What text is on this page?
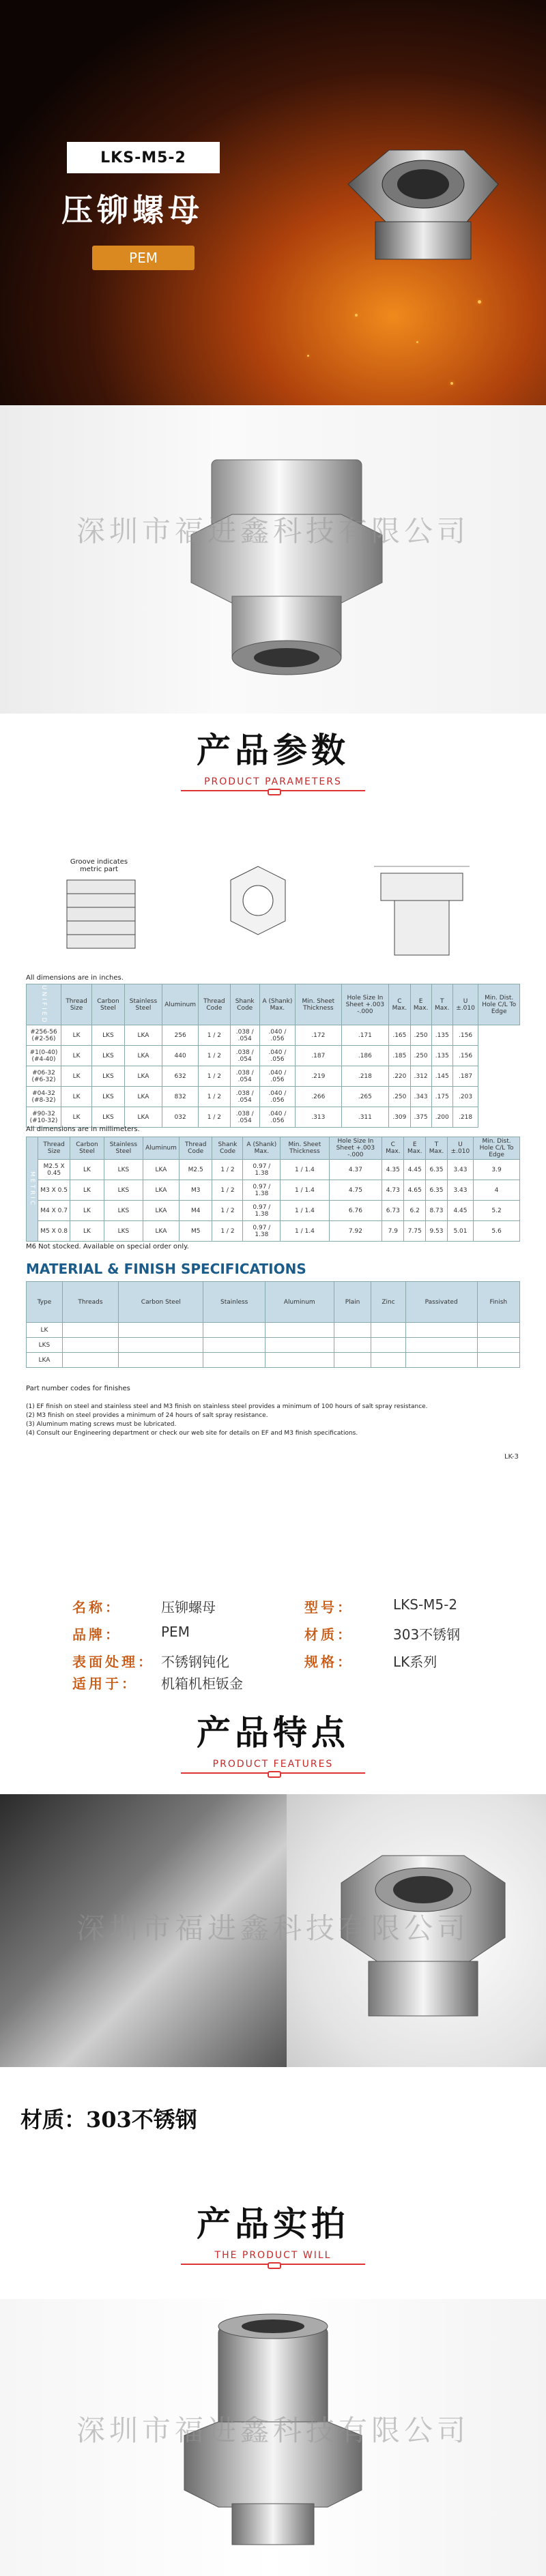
LKS-M5-2
压铆螺母
PEM
深圳市福进鑫科技有限公司
产品参数
PRODUCT PARAMETERS
Groove indicates metric part
All dimensions are in inches.
UNIFIED	Thread Size	Carbon Steel	Stainless Steel	Aluminum	Thread Code	Shank Code	A (Shank) Max.	Min. Sheet Thickness	Hole Size In Sheet +.003 -.000	C Max.	E Max.	T Max.	U ±.010	Min. Dist. Hole C/L To Edge
#256-56 (#2-56)	LK	LKS	LKA	256	1 / 2	.038 / .054	.040 / .056	.172	.171	.165	.250	.135	.156	
#1(0-40) (#4-40)	LK	LKS	LKA	440	1 / 2	.038 / .054	.040 / .056	.187	.186	.185	.250	.135	.156	
#06-32 (#6-32)	LK	LKS	LKA	632	1 / 2	.038 / .054	.040 / .056	.219	.218	.220	.312	.145	.187	
#04-32 (#8-32)	LK	LKS	LKA	832	1 / 2	.038 / .054	.040 / .056	.266	.265	.250	.343	.175	.203	
#90-32 (#10-32)	LK	LKS	LKA	032	1 / 2	.038 / .054	.040 / .056	.313	.311	.309	.375	.200	.218	
All dimensions are in millimeters.
METRIC	Thread Size	Carbon Steel	Stainless Steel	Aluminum	Thread Code	Shank Code	A (Shank) Max.	Min. Sheet Thickness	Hole Size In Sheet +.003 -.000	C Max.	E Max.	T Max.	U ±.010	Min. Dist. Hole C/L To Edge
	M2.5 X 0.45	LK	LKS	LKA	M2.5	1 / 2	0.97 / 1.38	1 / 1.4	4.37	4.35	4.45	6.35	3.43	3.9
	M3 X 0.5	LK	LKS	LKA	M3	1 / 2	0.97 / 1.38	1 / 1.4	4.75	4.73	4.65	6.35	3.43	4
	M4 X 0.7	LK	LKS	LKA	M4	1 / 2	0.97 / 1.38	1 / 1.4	6.76	6.73	6.2	8.73	4.45	5.2
	M5 X 0.8	LK	LKS	LKA	M5	1 / 2	0.97 / 1.38	1 / 1.4	7.92	7.9	7.75	9.53	5.01	5.6
M6 Not stocked. Available on special order only.
MATERIAL & FINISH SPECIFICATIONS
Type	Threads	Carbon Steel	Stainless	Aluminum	Plain	Zinc	Passivated	Finish
LK								
LKS								
LKA								
Part number codes for finishes
(1) EF finish on steel and stainless steel and M3 finish on stainless steel provides a minimum of 100 hours of salt spray resistance.
(2) M3 finish on steel provides a minimum of 24 hours of salt spray resistance.
(3) Aluminum mating screws must be lubricated.
(4) Consult our Engineering department or check our web site for details on EF and M3 finish specifications.
LK-3
名称：	压铆螺母	型号：	LKS-M5-2
品牌：	PEM	材质：	303不锈钢
表面处理： 不锈钢钝化	规格：	LK系列
适用于：	机箱机柜钣金
产品特点
PRODUCT FEATURES
深圳市福进鑫科技有限公司
材质：303不锈钢
产品实拍
THE PRODUCT WILL
深圳市福进鑫科技有限公司
